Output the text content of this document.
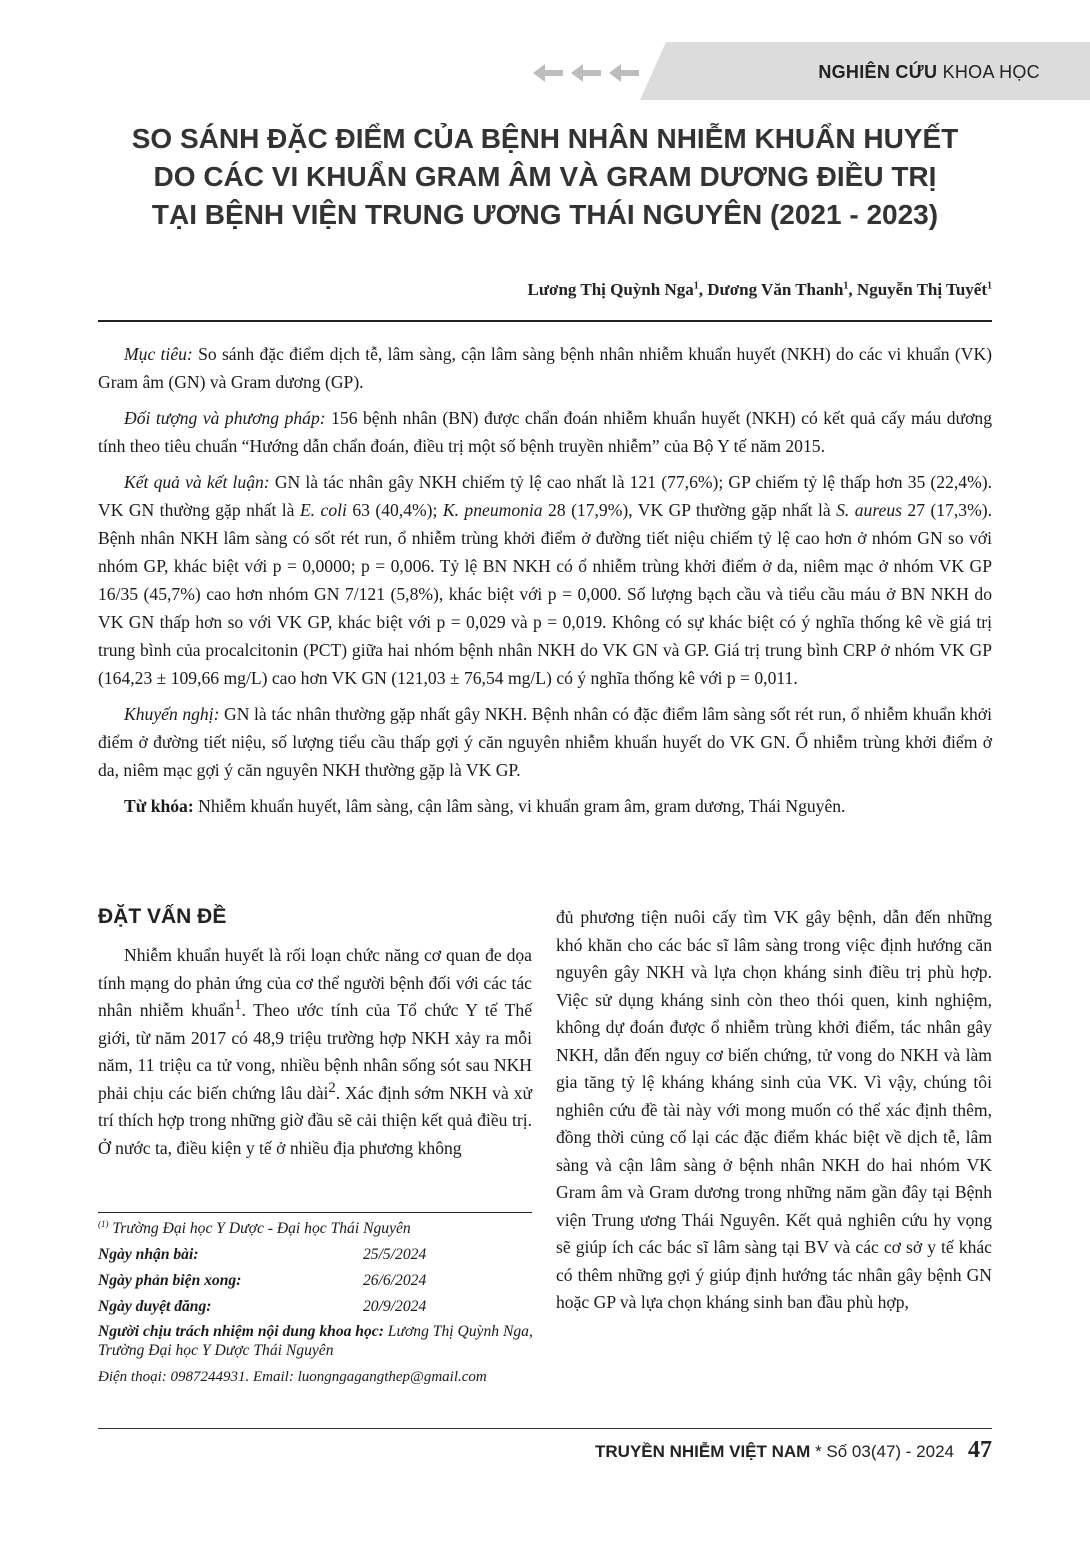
NGHIÊN CỨU KHOA HỌC
SO SÁNH ĐẶC ĐIỂM CỦA BỆNH NHÂN NHIỄM KHUẨN HUYẾT
DO CÁC VI KHUẨN GRAM ÂM VÀ GRAM DƯƠNG ĐIỀU TRỊ
TẠI BỆNH VIỆN TRUNG ƯƠNG THÁI NGUYÊN (2021 - 2023)
Lương Thị Quỳnh Nga$^1$, Dương Văn Thanh$^1$, Nguyễn Thị Tuyết$^1$

Mục tiêu: So sánh đặc điểm dịch tễ, lâm sàng, cận lâm sàng bệnh nhân nhiễm khuẩn huyết (NKH) do các vi khuẩn (VK) Gram âm (GN) và Gram dương (GP).

Đối tượng và phương pháp: 156 bệnh nhân (BN) được chẩn đoán nhiễm khuẩn huyết (NKH) có kết quả cấy máu dương tính theo tiêu chuẩn “Hướng dẫn chẩn đoán, điều trị một số bệnh truyền nhiễm” của Bộ Y tế năm 2015.

Kết quả và kết luận: GN là tác nhân gây NKH chiếm tỷ lệ cao nhất là 121 (77,6%); GP chiếm tỷ lệ thấp hơn 35 (22,4%). VK GN thường gặp nhất là E. coli 63 (40,4%); K. pneumonia 28 (17,9%), VK GP thường gặp nhất là S. aureus 27 (17,3%). Bệnh nhân NKH lâm sàng có sốt rét run, ổ nhiễm trùng khởi điểm ở đường tiết niệu chiếm tỷ lệ cao hơn ở nhóm GN so với nhóm GP, khác biệt với p = 0,0000; p = 0,006. Tỷ lệ BN NKH có ổ nhiễm trùng khởi điểm ở da, niêm mạc ở nhóm VK GP 16/35 (45,7%) cao hơn nhóm GN 7/121 (5,8%), khác biệt với p = 0,000. Số lượng bạch cầu và tiểu cầu máu ở BN NKH do VK GN thấp hơn so với VK GP, khác biệt với p = 0,029 và p = 0,019. Không có sự khác biệt có ý nghĩa thống kê về giá trị trung bình của procalcitonin (PCT) giữa hai nhóm bệnh nhân NKH do VK GN và GP. Giá trị trung bình CRP ở nhóm VK GP (164,23 ± 109,66 mg/L) cao hơn VK GN (121,03 ± 76,54 mg/L) có ý nghĩa thống kê với p = 0,011.

Khuyến nghị: GN là tác nhân thường gặp nhất gây NKH. Bệnh nhân có đặc điểm lâm sàng sốt rét run, ổ nhiễm khuẩn khởi điểm ở đường tiết niệu, số lượng tiểu cầu thấp gợi ý căn nguyên nhiễm khuẩn huyết do VK GN. Ổ nhiễm trùng khởi điểm ở da, niêm mạc gợi ý căn nguyên NKH thường gặp là VK GP.

Từ khóa: Nhiễm khuẩn huyết, lâm sàng, cận lâm sàng, vi khuẩn gram âm, gram dương, Thái Nguyên.

ĐẶT VẤN ĐỀ

Nhiễm khuẩn huyết là rối loạn chức năng cơ quan đe dọa tính mạng do phản ứng của cơ thể người bệnh đối với các tác nhân nhiễm khuẩn$^1$. Theo ước tính của Tổ chức Y tế Thế giới, từ năm 2017 có 48,9 triệu trường hợp NKH xảy ra mỗi năm, 11 triệu ca tử vong, nhiều bệnh nhân sống sót sau NKH phải chịu các biến chứng lâu dài$^2$. Xác định sớm NKH và xử trí thích hợp trong những giờ đầu sẽ cải thiện kết quả điều trị. Ở nước ta, điều kiện y tế ở nhiều địa phương không

đủ phương tiện nuôi cấy tìm VK gây bệnh, dẫn đến những khó khăn cho các bác sĩ lâm sàng trong việc định hướng căn nguyên gây NKH và lựa chọn kháng sinh điều trị phù hợp. Việc sử dụng kháng sinh còn theo thói quen, kinh nghiệm, không dự đoán được ổ nhiễm trùng khởi điểm, tác nhân gây NKH, dẫn đến nguy cơ biến chứng, tử vong do NKH và làm gia tăng tỷ lệ kháng kháng sinh của VK. Vì vậy, chúng tôi nghiên cứu đề tài này với mong muốn có thể xác định thêm, đồng thời củng cố lại các đặc điểm khác biệt về dịch tễ, lâm sàng và cận lâm sàng ở bệnh nhân NKH do hai nhóm VK Gram âm và Gram dương trong những năm gần đây tại Bệnh viện Trung ương Thái Nguyên. Kết quả nghiên cứu hy vọng sẽ giúp ích các bác sĩ lâm sàng tại BV và các cơ sở y tế khác có thêm những gợi ý giúp định hướng tác nhân gây bệnh GN hoặc GP và lựa chọn kháng sinh ban đầu phù hợp,

$^{(1)}$ Trường Đại học Y Dược - Đại học Thái Nguyên
Ngày nhận bài:	25/5/2024
Ngày phản biện xong:	26/6/2024
Ngày duyệt đăng:	20/9/2024
Người chịu trách nhiệm nội dung khoa học: Lương Thị Quỳnh Nga, Trường Đại học Y Dược Thái Nguyên
Điện thoại: 0987244931. Email: luongngagangthep@gmail.com
TRUYỀN NHIỄM VIỆT NAM * Số 03(47) - 2024 47
